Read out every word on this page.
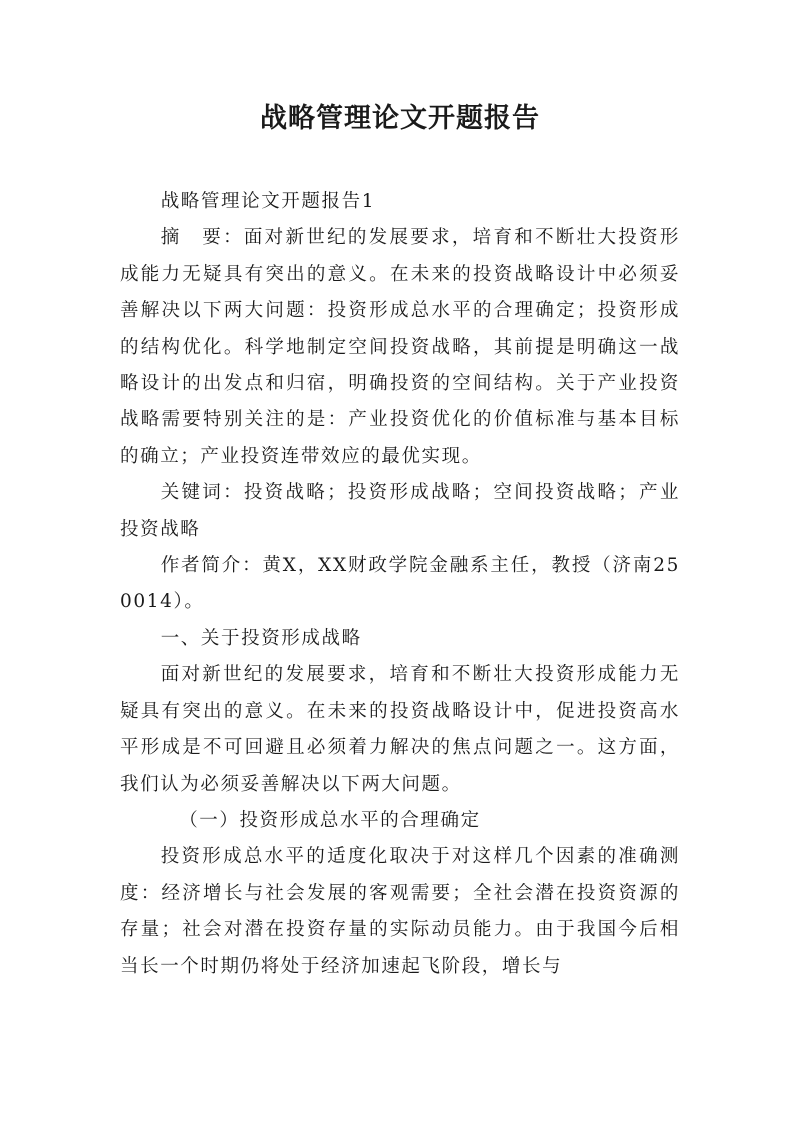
战略管理论文开题报告

战略管理论文开题报告1

摘　要：面对新世纪的发展要求，培育和不断壮大投资形成能力无疑具有突出的意义。在未来的投资战略设计中必须妥善解决以下两大问题：投资形成总水平的合理确定；投资形成的结构优化。科学地制定空间投资战略，其前提是明确这一战略设计的出发点和归宿，明确投资的空间结构。关于产业投资战略需要特别关注的是：产业投资优化的价值标准与基本目标的确立；产业投资连带效应的最优实现。

关键词：投资战略；投资形成战略；空间投资战略；产业投资战略

作者简介：黄X，XX财政学院金融系主任，教授（济南250014）。

一、关于投资形成战略

面对新世纪的发展要求，培育和不断壮大投资形成能力无疑具有突出的意义。在未来的投资战略设计中，促进投资高水平形成是不可回避且必须着力解决的焦点问题之一。这方面，我们认为必须妥善解决以下两大问题。

（一）投资形成总水平的合理确定

投资形成总水平的适度化取决于对这样几个因素的准确测度：经济增长与社会发展的客观需要；全社会潜在投资资源的存量；社会对潜在投资存量的实际动员能力。由于我国今后相当长一个时期仍将处于经济加速起飞阶段，增长与
